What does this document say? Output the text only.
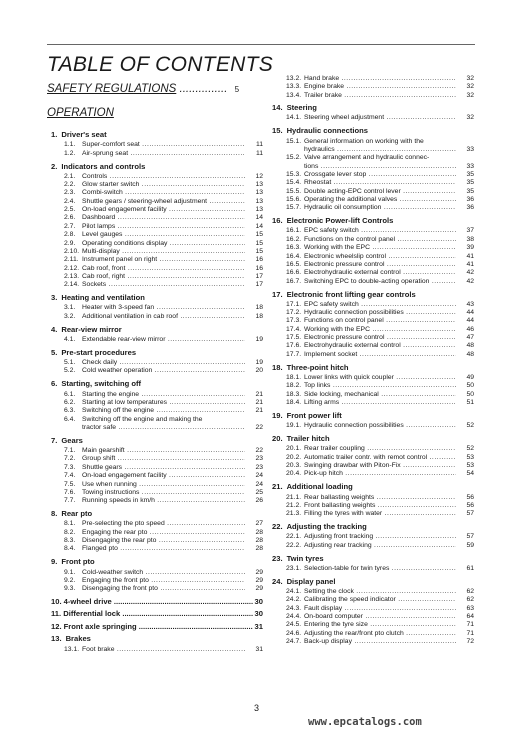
TABLE OF CONTENTS
SAFETY REGULATIONS ............... 5
OPERATION
1. Driver's seat
1.1. Super-comfort seat .....	11
1.2. Air-sprung seat .....	11
2. Indicators and controls
2.1. Controls .....	12
2.2. Glow starter switch .....	13
2.3. Combi-switch .....	13
2.4. Shuttle gears / steering-wheel adjustment .....	13
2.5. On-load engagement facility .....	13
2.6. Dashboard .....	14
2.7. Pilot lamps .....	14
2.8. Level gauges .....	15
2.9. Operating conditions display .....	15
2.10. Multi-display .....	15
2.11. Instrument panel on right .....	16
2.12. Cab roof, front .....	16
2.13. Cab roof, right .....	17
2.14. Sockets .....	17
3. Heating and ventilation
3.1. Heater with 3-speed fan .....	18
3.2. Additional ventilation in cab roof .....	18
4. Rear-view mirror
4.1. Extendable rear-view mirror .....	19
5. Pre-start procedures
5.1. Check daily .....	19
5.2. Cold weather operation .....	20
6. Starting, switching off
6.1. Starting the engine .....	21
6.2. Starting at low temperatures .....	21
6.3. Switching off the engine .....	21
6.4. Switching off the engine and making the
tractor safe .....	22
7. Gears
7.1. Main gearshift .....	22
7.2. Group shift .....	23
7.3. Shuttle gears .....	23
7.4. On-load engagement facility .....	24
7.5. Use when running .....	24
7.6. Towing instructions .....	25
7.7. Running speeds in km/h .....	26
8. Rear pto
8.1. Pre-selecting the pto speed .....	27
8.2. Engaging the rear pto .....	28
8.3. Disengaging the rear pto .....	28
8.4. Flanged pto .....	28
9. Front pto
9.1. Cold-weather switch .....	29
9.2. Engaging the front pto .....	29
9.3. Disengaging the front pto .....	29
10. 4-wheel drive .....	30
11. Differential lock .....	30
12. Front axle springing .....	31
13. Brakes
13.1. Foot brake .....	31
13.2. Hand brake .....	32
13.3. Engine brake .....	32
13.4. Trailer brake .....	32
14. Steering
14.1. Steering wheel adjustment .....	32
15. Hydraulic connections
15.1. General information on working with the
hydraulics .....	33
15.2. Valve arrangement and hydraulic connec-
tions .....	33
15.3. Crossgate lever stop .....	35
15.4. Rheostat .....	35
15.5. Double acting-EPC control lever .....	35
15.6. Operating the additional valves .....	36
15.7. Hydraulic oil consumption .....	36
16. Electronic Power-lift Controls
16.1. EPC safety switch .....	37
16.2. Functions on the control panel .....	38
16.3. Working with the EPC .....	39
16.4. Electronic wheelslip control .....	41
16.5. Electronic pressure control .....	41
16.6. Electrohydraulic external control .....	42
16.7. Switching EPC to double-acting operation .....	42
17. Electronic front lifting gear controls
17.1. EPC safety switch .....	43
17.2. Hydraulic connection possibilities .....	44
17.3. Functions on control panel .....	44
17.4. Working with the EPC .....	46
17.5. Electronic pressure control .....	47
17.6. Electrohydraulic external control .....	48
17.7. Implement socket .....	48
18. Three-point hitch
18.1. Lower links with quick coupler .....	49
18.2. Top links .....	50
18.3. Side locking, mechanical .....	50
18.4. Lifting arms .....	51
19. Front power lift
19.1. Hydraulic connection possibilities .....	52
20. Trailer hitch
20.1. Rear trailer coupling .....	52
20.2. Automatic trailer contr. with remot control .....	53
20.3. Swinging drawbar with Piton-Fix .....	53
20.4. Pick-up hitch .....	54
21. Additional loading
21.1. Rear ballasting weights .....	56
21.2. Front ballasting weights .....	56
21.3. Filling the tyres with water .....	57
22. Adjusting the tracking
22.1. Adjusting front tracking .....	57
22.2. Adjusting rear tracking .....	59
23. Twin tyres
23.1. Selection-table for twin tyres .....	61
24. Display panel
24.1. Setting the clock .....	62
24.2. Calibrating the speed indicator .....	62
24.3. Fault display .....	63
24.4. On-board computer .....	64
24.5. Entering the tyre size .....	71
24.6. Adjusting the rear/front pto clutch .....	71
24.7. Back-up display .....	72
3
www.epcatalogs.com
